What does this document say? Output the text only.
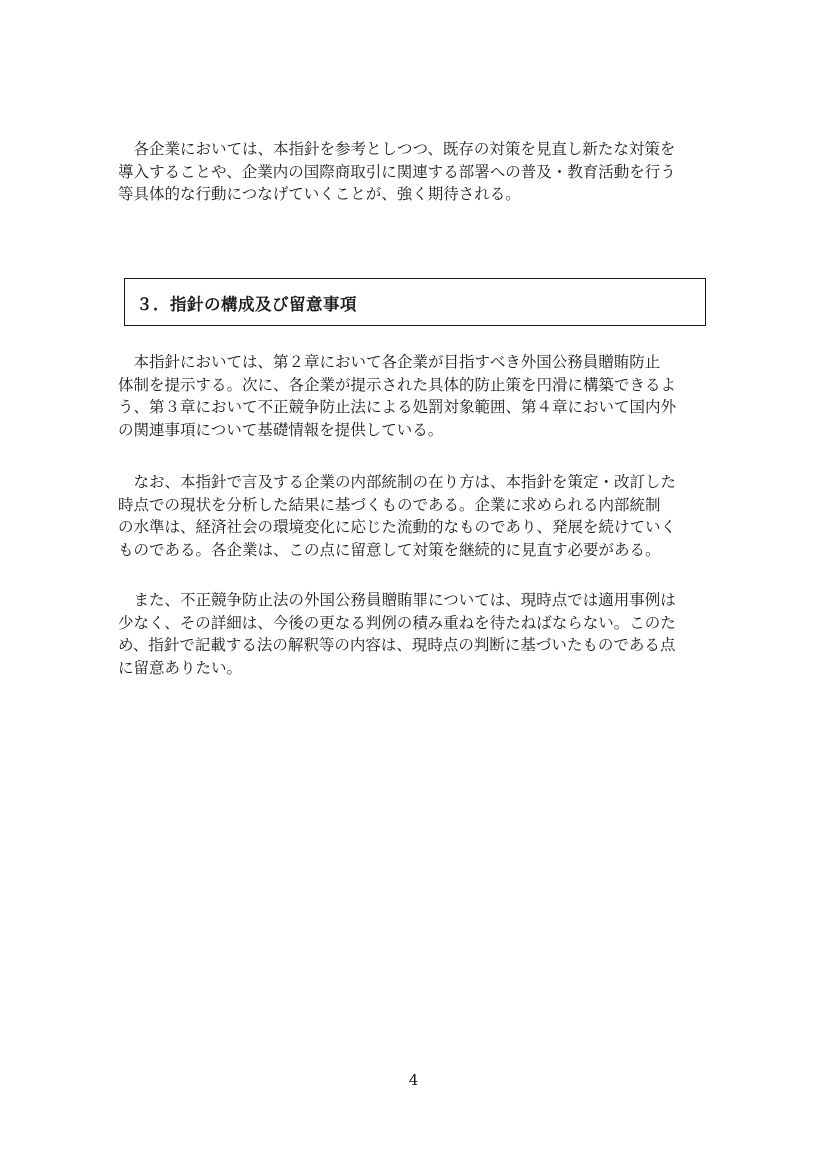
　各企業においては、本指針を参考としつつ、既存の対策を見直し新たな対策を
導入することや、企業内の国際商取引に関連する部署への普及・教育活動を行う
等具体的な行動につなげていくことが、強く期待される。
３．指針の構成及び留意事項
　本指針においては、第２章において各企業が目指すべき外国公務員贈賄防止
体制を提示する。次に、各企業が提示された具体的防止策を円滑に構築できるよ
う、第３章において不正競争防止法による処罰対象範囲、第４章において国内外
の関連事項について基礎情報を提供している。
　なお、本指針で言及する企業の内部統制の在り方は、本指針を策定・改訂した
時点での現状を分析した結果に基づくものである。企業に求められる内部統制
の水準は、経済社会の環境変化に応じた流動的なものであり、発展を続けていく
ものである。各企業は、この点に留意して対策を継続的に見直す必要がある。
　また、不正競争防止法の外国公務員贈賄罪については、現時点では適用事例は
少なく、その詳細は、今後の更なる判例の積み重ねを待たねばならない。このた
め、指針で記載する法の解釈等の内容は、現時点の判断に基づいたものである点
に留意ありたい。
4
